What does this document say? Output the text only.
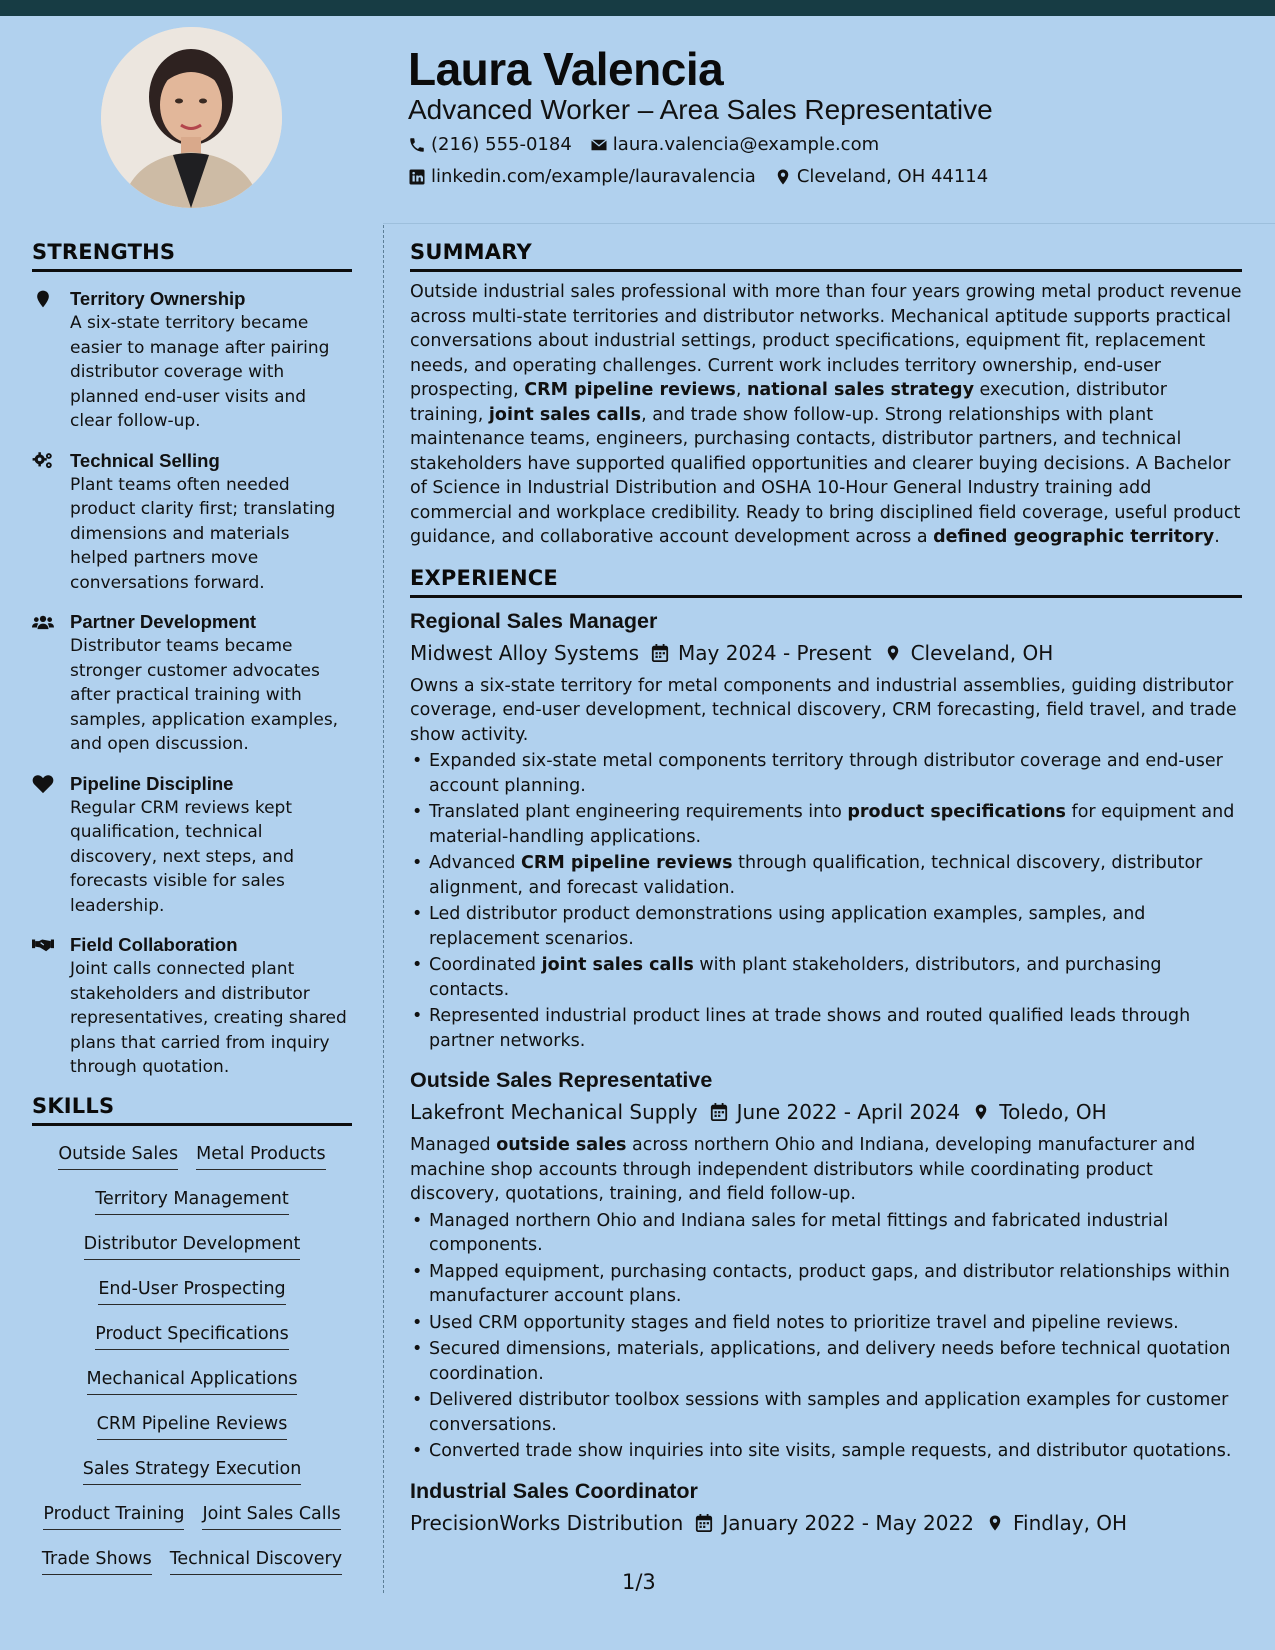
Laura Valencia
Advanced Worker – Area Sales Representative
(216) 555-0184 laura.valencia@example.com
linkedin.com/example/lauravalencia Cleveland, OH 44114
STRENGTHS
Territory Ownership
A six-state territory became easier to manage after pairing distributor coverage with planned end-user visits and clear follow-up.
Technical Selling
Plant teams often needed product clarity first; translating dimensions and materials helped partners move conversations forward.
Partner Development
Distributor teams became stronger customer advocates after practical training with samples, application examples, and open discussion.
Pipeline Discipline
Regular CRM reviews kept qualification, technical discovery, next steps, and forecasts visible for sales leadership.
Field Collaboration
Joint calls connected plant stakeholders and distributor representatives, creating shared plans that carried from inquiry through quotation.
SKILLS
Outside Sales Metal Products
Territory Management
Distributor Development
End-User Prospecting
Product Specifications
Mechanical Applications
CRM Pipeline Reviews
Sales Strategy Execution
Product Training Joint Sales Calls
Trade Shows Technical Discovery
SUMMARY
Outside industrial sales professional with more than four years growing metal product revenue across multi-state territories and distributor networks. Mechanical aptitude supports practical conversations about industrial settings, product specifications, equipment fit, replacement needs, and operating challenges. Current work includes territory ownership, end-user prospecting, CRM pipeline reviews, national sales strategy execution, distributor training, joint sales calls, and trade show follow-up. Strong relationships with plant maintenance teams, engineers, purchasing contacts, distributor partners, and technical stakeholders have supported qualified opportunities and clearer buying decisions. A Bachelor of Science in Industrial Distribution and OSHA 10-Hour General Industry training add commercial and workplace credibility. Ready to bring disciplined field coverage, useful product guidance, and collaborative account development across a defined geographic territory.
EXPERIENCE
Regional Sales Manager
Midwest Alloy Systems May 2024 - Present Cleveland, OH
Owns a six-state territory for metal components and industrial assemblies, guiding distributor coverage, end-user development, technical discovery, CRM forecasting, field travel, and trade show activity.
• Expanded six-state metal components territory through distributor coverage and end-user account planning.
• Translated plant engineering requirements into product specifications for equipment and material-handling applications.
• Advanced CRM pipeline reviews through qualification, technical discovery, distributor alignment, and forecast validation.
• Led distributor product demonstrations using application examples, samples, and replacement scenarios.
• Coordinated joint sales calls with plant stakeholders, distributors, and purchasing contacts.
• Represented industrial product lines at trade shows and routed qualified leads through partner networks.
Outside Sales Representative
Lakefront Mechanical Supply June 2022 - April 2024 Toledo, OH
Managed outside sales across northern Ohio and Indiana, developing manufacturer and machine shop accounts through independent distributors while coordinating product discovery, quotations, training, and field follow-up.
• Managed northern Ohio and Indiana sales for metal fittings and fabricated industrial components.
• Mapped equipment, purchasing contacts, product gaps, and distributor relationships within manufacturer account plans.
• Used CRM opportunity stages and field notes to prioritize travel and pipeline reviews.
• Secured dimensions, materials, applications, and delivery needs before technical quotation coordination.
• Delivered distributor toolbox sessions with samples and application examples for customer conversations.
• Converted trade show inquiries into site visits, sample requests, and distributor quotations.
Industrial Sales Coordinator
PrecisionWorks Distribution January 2022 - May 2022 Findlay, OH
1/3
